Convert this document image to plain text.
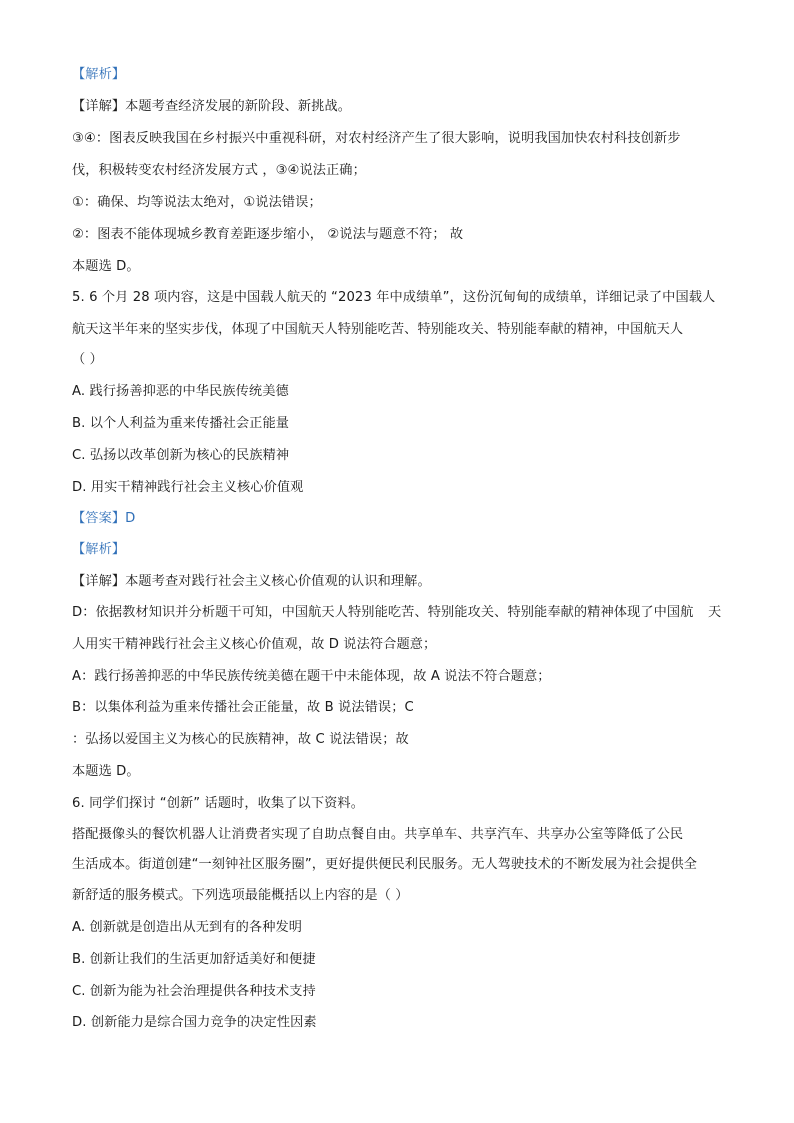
【解析】
【详解】本题考查经济发展的新阶段、新挑战。
③④：图表反映我国在乡村振兴中重视科研，对农村经济产生了很大影响，说明我国加快农村科技创新步
伐，积极转变农村经济发展方式 ，③④说法正确；
①：确保、均等说法太绝对，①说法错误；
②：图表不能体现城乡教育差距逐步缩小， ②说法与题意不符； 故
本题选 D。
5. 6 个月 28 项内容，这是中国载人航天的 “2023 年中成绩单”，这份沉甸甸的成绩单，详细记录了中国载人
航天这半年来的坚实步伐，体现了中国航天人特别能吃苦、特别能攻关、特别能奉献的精神，中国航天人
（ ）
A. 践行扬善抑恶的中华民族传统美德
B. 以个人利益为重来传播社会正能量
C. 弘扬以改革创新为核心的民族精神
D. 用实干精神践行社会主义核心价值观
【答案】D
【解析】
【详解】本题考查对践行社会主义核心价值观的认识和理解。
D：依据教材知识并分析题干可知，中国航天人特别能吃苦、特别能攻关、特别能奉献的精神体现了中国航 天
人用实干精神践行社会主义核心价值观，故 D 说法符合题意；
A：践行扬善抑恶的中华民族传统美德在题干中未能体现，故 A 说法不符合题意；
B：以集体利益为重来传播社会正能量，故 B 说法错误；C
：弘扬以爱国主义为核心的民族精神，故 C 说法错误；故
本题选 D。
6. 同学们探讨 “创新” 话题时，收集了以下资料。
搭配摄像头的餐饮机器人让消费者实现了自助点餐自由。共享单车、共享汽车、共享办公室等降低了公民
生活成本。街道创建“一刻钟社区服务圈”，更好提供便民利民服务。无人驾驶技术的不断发展为社会提供全
新舒适的服务模式。下列选项最能概括以上内容的是（ ）
A. 创新就是创造出从无到有的各种发明
B. 创新让我们的生活更加舒适美好和便捷
C. 创新为能为社会治理提供各种技术支持
D. 创新能力是综合国力竞争的决定性因素
